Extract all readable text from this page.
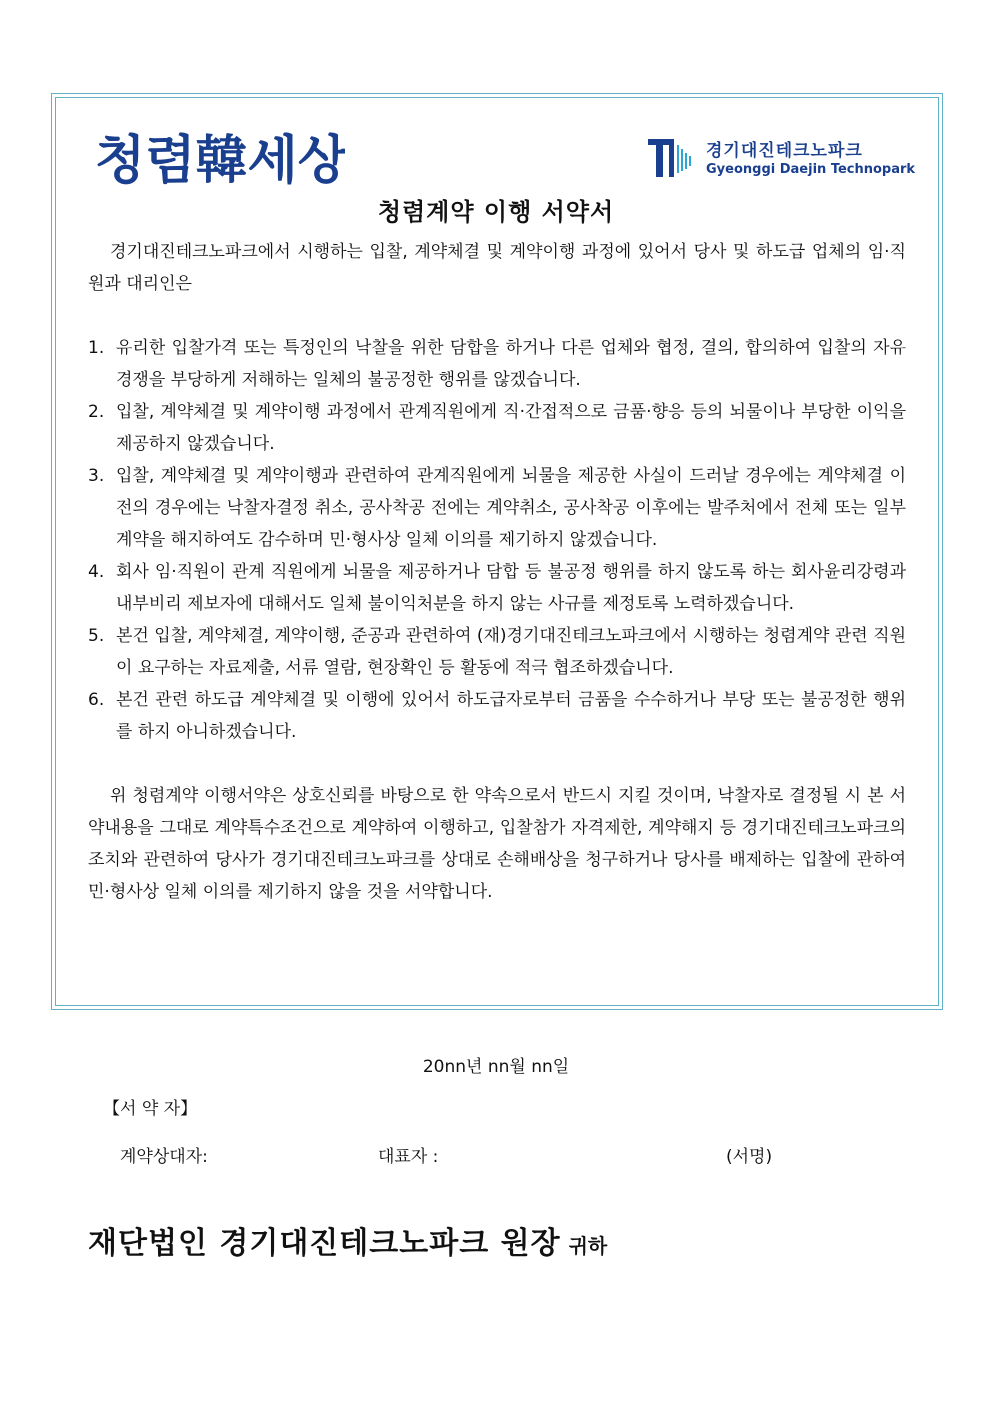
청렴韓세상	경기대진테크노파크
Gyeonggi Daejin Technopark
청렴계약 이행 서약서

경기대진테크노파크에서 시행하는 입찰, 계약체결 및 계약이행 과정에 있어서 당사 및 하도급 업체의 임·직원과 대리인은

1. 유리한 입찰가격 또는 특정인의 낙찰을 위한 담합을 하거나 다른 업체와 협정, 결의, 합의하여 입찰의 자유경쟁을 부당하게 저해하는 일체의 불공정한 행위를 않겠습니다.
2. 입찰, 계약체결 및 계약이행 과정에서 관계직원에게 직·간접적으로 금품·향응 등의 뇌물이나 부당한 이익을 제공하지 않겠습니다.
3. 입찰, 계약체결 및 계약이행과 관련하여 관계직원에게 뇌물을 제공한 사실이 드러날 경우에는 계약체결 이전의 경우에는 낙찰자결정 취소, 공사착공 전에는 계약취소, 공사착공 이후에는 발주처에서 전체 또는 일부계약을 해지하여도 감수하며 민·형사상 일체 이의를 제기하지 않겠습니다.
4. 회사 임·직원이 관계 직원에게 뇌물을 제공하거나 담합 등 불공정 행위를 하지 않도록 하는 회사윤리강령과 내부비리 제보자에 대해서도 일체 불이익처분을 하지 않는 사규를 제정토록 노력하겠습니다.
5. 본건 입찰, 계약체결, 계약이행, 준공과 관련하여 (재)경기대진테크노파크에서 시행하는 청렴계약 관련 직원이 요구하는 자료제출, 서류 열람, 현장확인 등 활동에 적극 협조하겠습니다.
6. 본건 관련 하도급 계약체결 및 이행에 있어서 하도급자로부터 금품을 수수하거나 부당 또는 불공정한 행위를 하지 아니하겠습니다.

위 청렴계약 이행서약은 상호신뢰를 바탕으로 한 약속으로서 반드시 지킬 것이며, 낙찰자로 결정될 시 본 서약내용을 그대로 계약특수조건으로 계약하여 이행하고, 입찰참가 자격제한, 계약해지 등 경기대진테크노파크의 조치와 관련하여 당사가 경기대진테크노파크를 상대로 손해배상을 청구하거나 당사를 배제하는 입찰에 관하여 민·형사상 일체 이의를 제기하지 않을 것을 서약합니다.

20nn년 nn월 nn일
【서 약 자】
계약상대자:	대표자 :	(서명)
재단법인 경기대진테크노파크 원장 귀하
